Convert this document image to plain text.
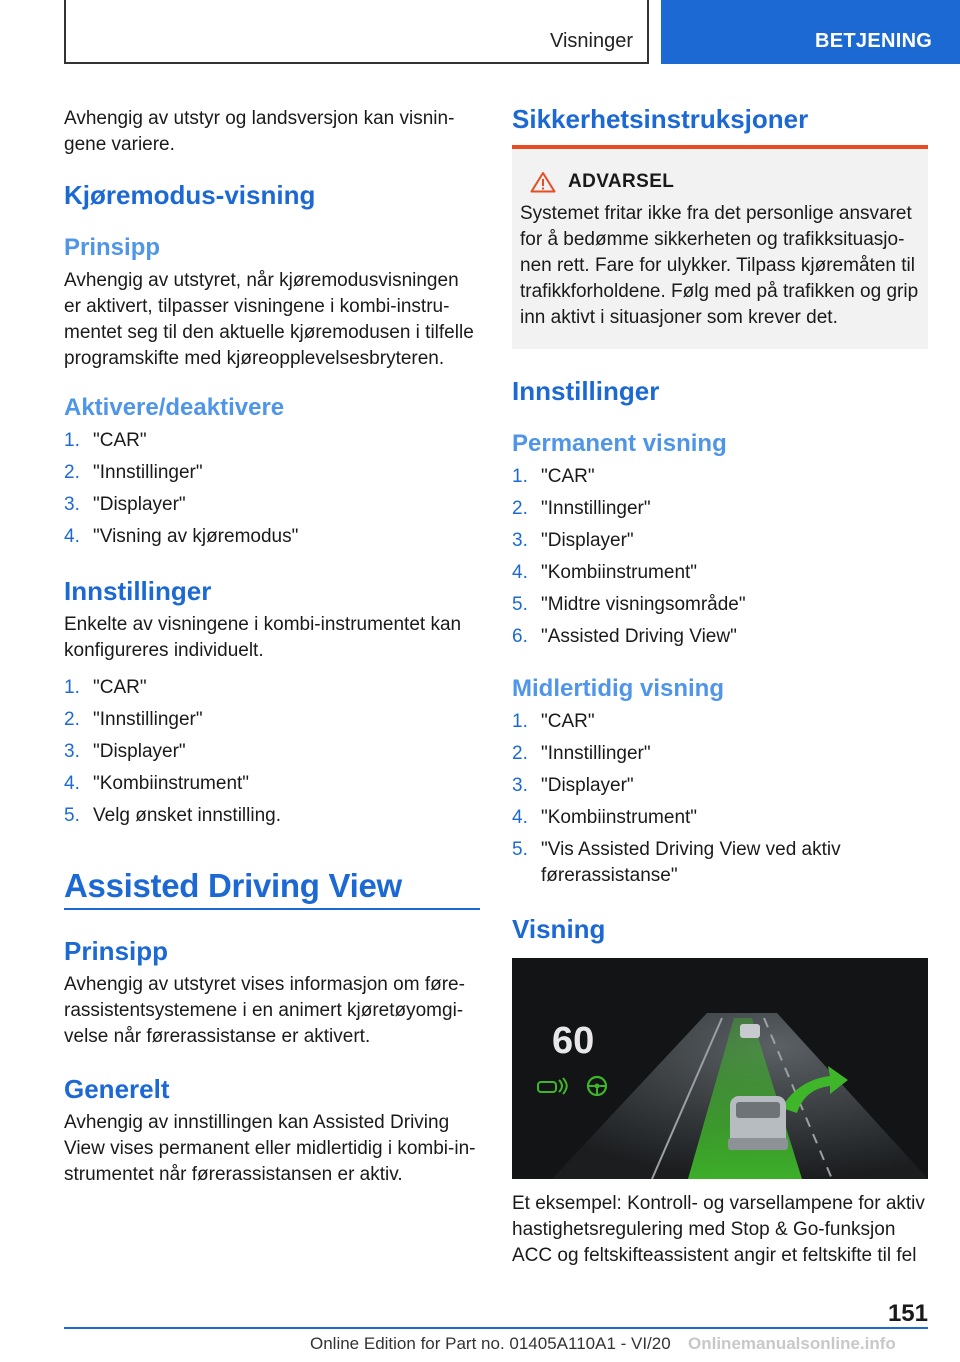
Visninger	BETJENING

Avhengig av utstyr og landsversjon kan visningene variere.

Kjøremodus-visning
Prinsipp

Avhengig av utstyret, når kjøremodusvisningen er aktivert, tilpasser visningene i kombi-instrumentet seg til den aktuelle kjøremodusen i tilfelle programskifte med kjøreopplevelsesbryteren.

Aktivere/deaktivere
1. "CAR"
2. "Innstillinger"
3. "Displayer"
4. "Visning av kjøremodus"
Innstillinger

Enkelte av visningene i kombi-instrumentet kan konfigureres individuelt.

1. "CAR"
2. "Innstillinger"
3. "Displayer"
4. "Kombiinstrument"
5. Velg ønsket innstilling.
Assisted Driving View
Prinsipp

Avhengig av utstyret vises informasjon om førerassistentsystemene i en animert kjøretøyomgivelse når førerassistanse er aktivert.

Generelt

Avhengig av innstillingen kan Assisted Driving View vises permanent eller midlertidig i kombi-instrumentet når førerassistansen er aktiv.

Sikkerhetsinstruksjoner
ADVARSEL

Systemet fritar ikke fra det personlige ansvaret for å bedømme sikkerheten og trafikksituasjonen rett. Fare for ulykker. Tilpass kjøremåten til trafikkforholdene. Følg med på trafikken og grip inn aktivt i situasjoner som krever det.

Innstillinger
Permanent visning
1. "CAR"
2. "Innstillinger"
3. "Displayer"
4. "Kombiinstrument"
5. "Midtre visningsområde"
6. "Assisted Driving View"
Midlertidig visning
1. "CAR"
2. "Innstillinger"
3. "Displayer"
4. "Kombiinstrument"
5. "Vis Assisted Driving View ved aktiv førerassistanse"
Visning
60

Et eksempel: Kontroll- og varsellampene for aktiv hastighetsregulering med Stop & Go-funksjon ACC og feltskifteassistent angir et feltskifte til fel

151
Online Edition for Part no. 01405A110A1 - VI/20 Onlinemanualsonline.info
